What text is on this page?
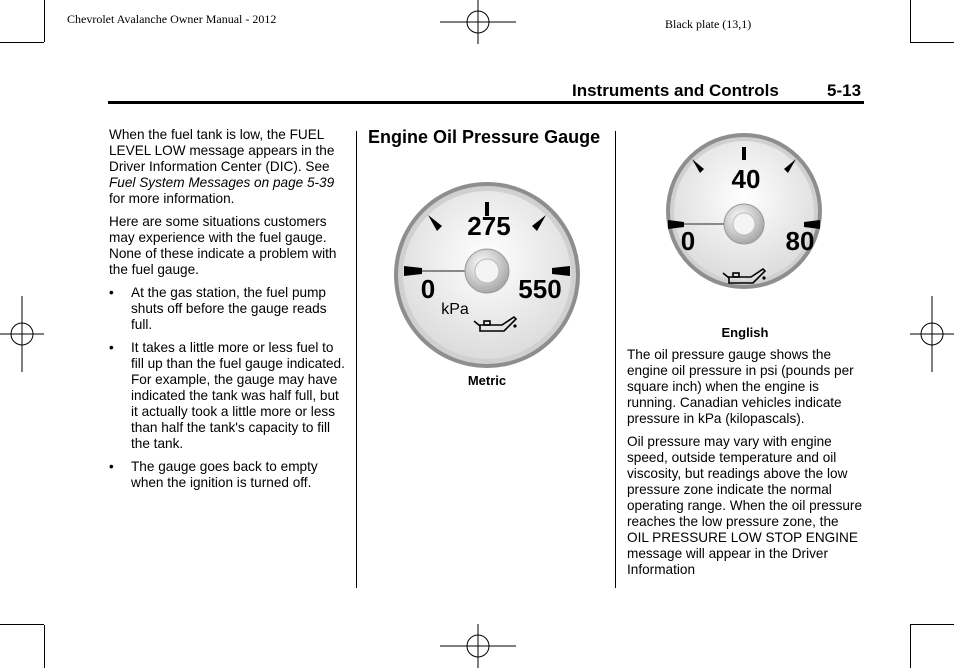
Chevrolet Avalanche Owner Manual - 2012	Black plate (13,1)
Instruments and Controls	5-13

When the fuel tank is low, the FUEL LEVEL LOW message appears in the Driver Information Center (DIC). See Fuel System Messages on page 5-39 for more information.

Here are some situations customers may experience with the fuel gauge. None of these indicate a problem with the fuel gauge.

• At the gas station, the fuel pump shuts off before the gauge reads full.
• It takes a little more or less fuel to fill up than the fuel gauge indicated. For example, the gauge may have indicated the tank was half full, but it actually took a little more or less than half the tank's capacity to fill the tank.
• The gauge goes back to empty when the ignition is turned off.
Engine Oil Pressure Gauge
275
0	550
kPa
Metric
40
0	80
English

The oil pressure gauge shows the engine oil pressure in psi (pounds per square inch) when the engine is running. Canadian vehicles indicate pressure in kPa (kilopascals).

Oil pressure may vary with engine speed, outside temperature and oil viscosity, but readings above the low pressure zone indicate the normal operating range. When the oil pressure reaches the low pressure zone, the OIL PRESSURE LOW STOP ENGINE message will appear in the Driver Information
